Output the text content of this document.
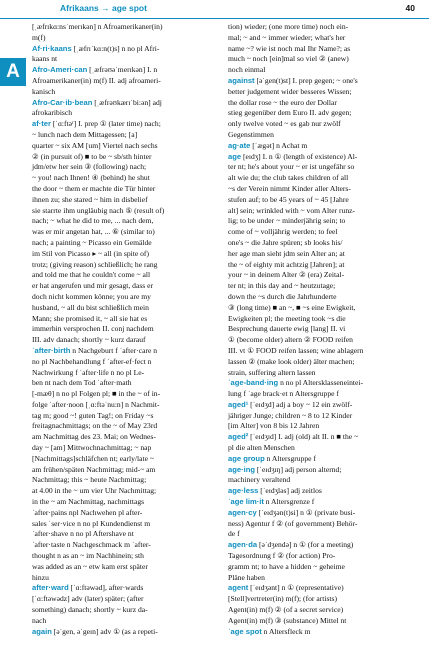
Afrikaans → age spot	40
A
[ˌæfrɪkɑ:nsˈmerɪkən] n Afroamerikaner(in)
m(f)
Af·ri·kaans [ˌæfrɪˈkɑ:n(t)s] n no pl Afri-
kaans nt
Afro-Ameri·can [ˌæfrəʊəˈmerɪkən] I. n
Afroamerikaner(in) m(f) II. adj afroameri-
kanisch
Afro-Car·ib·bean [ˌæfrəʊkærɪˈbi:ən] adj
afrokaribisch
af·ter [ˈɑ:ftəʳ] I. prep ① (later time) nach;
~ lunch nach dem Mittagessen; [a]
quarter ~ six AM [um] Viertel nach sechs
② (in pursuit of) ■ to be ~ sb/sth hinter
jdm/etw her sein ③ (following) nach;
~ you! nach Ihnen! ④ (behind) he shut
the door ~ them er machte die Tür hinter
ihnen zu; she stared ~ him in disbelief
sie starrte ihm ungläubig nach ⑤ (result of)
nach; ~ what he did to me, ... nach dem,
was er mir angetan hat, ... ⑥ (similar to)
nach; a painting ~ Picasso ein Gemälde
im Stil von Picasso ▸ ~ all (in spite of)
trotz; (giving reason) schließlich; he rang
and told me that he couldn't come ~ all
er hat angerufen und mir gesagt, dass er
doch nicht kommen könne; you are my
husband, ~ all du bist schließlich mein
Mann; she promised it, ~ all sie hat es
immerhin versprochen II. conj nachdem
III. adv danach; shortly ~ kurz darauf
ˈafter·birth n Nachgeburt f ˈafter·care n
no pl Nachbehandlung f ˈafter-ef·fect n
Nachwirkung f ˈafter·life n no pl Le-
ben nt nach dem Tod ˈafter·math
[-mæθ] n no pl Folgen pl; ■ in the ~ of in-
folge ˈafter·noon [ˌɑ:ftəˈnu:n] n Nachmit-
tag m; good ~! guten Tag!; on Friday ~s
freitagnachmittags; on the ~ of May 23rd
am Nachmittag des 23. Mai; on Wednes-
day ~ [am] Mittwochnachmittag; ~ nap
[Nachmittags]schläfchen nt; early/late ~
am frühen/späten Nachmittag; mid-~ am
Nachmittag; this ~ heute Nachmittag;
at 4.00 in the ~ um vier Uhr Nachmittag;
in the ~ am Nachmittag, nachmittags
ˈafter·pains npl Nachwehen pl after-
sales ˈser·vice n no pl Kundendienst m
ˈafter·shave n no pl Aftershave nt
ˈafter·taste n Nachgeschmack m ˈafter-
thought n as an ~ im Nachhinein; sth
was added as an ~ etw kam erst später
hinzu
after·ward [ˈɑ:ftəwəd], after·wards
[ˈɑ:ftəwədz] adv (later) später; (after
something) danach; shortly ~ kurz da-
nach
again [əˈgen, əˈgeɪn] adv ① (as a repeti-
tion) wieder; (one more time) noch ein-
mal; ~ and ~ immer wieder; what's her
name ~? wie ist noch mal Ihr Name?; as
much ~ noch [ein]mal so viel ② (anew)
noch einmal
against [əˈgen(t)st] I. prep gegen; ~ one's
better judgement wider besseres Wissen;
the dollar rose ~ the euro der Dollar
stieg gegenüber dem Euro II. adv gegen;
only twelve voted ~ es gab nur zwölf
Gegenstimmen
ag·ate [ˈægət] n Achat m
age [eɪdʒ] I. n ① (length of existence) Al-
ter nt; he's about your ~ er ist ungefähr so
alt wie du; the club takes children of all
~s der Verein nimmt Kinder aller Alters-
stufen auf; to be 45 years of ~ 45 [Jahre
alt] sein; wrinkled with ~ vom Alter runz-
lig; to be under ~ minderjährig sein; to
come of ~ volljährig werden; to feel
one's ~ die Jahre spüren; sb looks his/
her age man sieht jdm sein Alter an; at
the ~ of eighty mit achtzig [Jahren]; at
your ~ in deinem Alter ② (era) Zeital-
ter nt; in this day and ~ heutzutage;
down the ~s durch die Jahrhunderte
③ (long time) ■ an ~, ■ ~s eine Ewigkeit,
Ewigkeiten pl; the meeting took ~s die
Besprechung dauerte ewig [lang] II. vi
① (become older) altern ② FOOD reifen
III. vt ① FOOD reifen lassen; wine ablagern
lassen ② (make look older) älter machen;
strain, suffering altern lassen
ˈage-band·ing n no pl Altersklasseneintei-
lung f ˈage brack·et n Altersgruppe f
aged¹ [ˈeɪdʒd] adj a boy ~ 12 ein zwölf-
jähriger Junge; children ~ 8 to 12 Kinder
[im Alter] von 8 bis 12 Jahren
aged² [ˈeɪdʒɪd] I. adj (old) alt II. n ■ the ~
pl die alten Menschen
age group n Altersgruppe f
age·ing [ˈeɪdʒɪŋ] adj person alternd;
machinery veraltend
age·less [ˈeɪdʒləs] adj zeitlos
ˈage lim·it n Altersgrenze f
agen·cy [ˈeɪdʒən(t)si] n ① (private busi-
ness) Agentur f ② (of government) Behör-
de f
agen·da [əˈdʒendə] n ① (for a meeting)
Tagesordnung f ② (for action) Pro-
gramm nt; to have a hidden ~ geheime
Pläne haben
agent [ˈeɪdʒənt] n ① (representative)
[Stell]vertreter(in) m(f); (for artists)
Agent(in) m(f) ② (of a secret service)
Agent(in) m(f) ③ (substance) Mittel nt
ˈage spot n Altersfleck m
